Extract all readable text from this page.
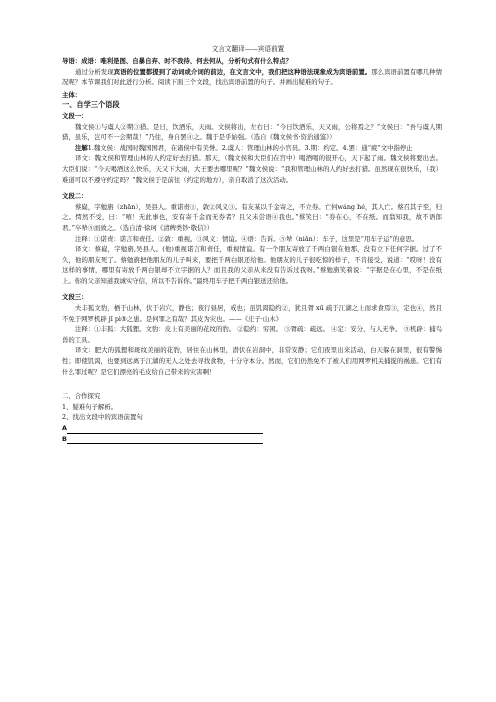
文言文翻译——宾语前置

导语：成语：唯利是图、自暴自弃、时不我待、何去何从，分析句式有什么特点？

通过分析发现宾语的位置都提到了动词或介词的前边，在文言文中，我们把这种语法现象成为宾语前置。那么宾语前置有哪几种情况呢？本节课我们对此进行分析。阅读下面三个文段，找出宾语前置的句子。并画出疑难的句子。

主体：

一、自学三个语段

文段一：

魏文侯①与虞人②期③猎。是日，饮酒乐，天雨。文侯将出，左右曰：“今日饮酒乐，天又雨，公将焉之？”文侯曰：“吾与虞人期猎，虽乐，岂可不一会期哉！”乃往，身自罢④之。魏于是乎始强。（选自《魏文侯书·资治通鉴》）

注解1.魏文侯：战国时魏国国君，在诸侯中有美誉。2.虞人：管理山林的小官员。3.期：约定。4.罢：通“疲”文中指停止

译文：魏文侯和管理山林的人约定好去打猎。那天，（魏文侯和大臣们在宫中）喝酒喝的很开心，天下起了雨。魏文侯将要出去。大臣们说：“今天喝酒这么快乐，天又下大雨，大王要去哪里呢？”魏文侯说：“我和管理山林的人约好去打猎。虽然现在很快乐，（我）难道可以不遵守约定吗？”魏文侯于是前往（约定的地方），亲自取消了这次活动。

文段二：

蔡嶷，字勉旃（zhān），吴县人。重诺责①，敦②风义③。有友某以千金寄之，不立券。亡何wáng hé，其人亡。蔡召其子至，归之。愕然不受，曰：“嘻！无此事也，安有寄千金而无券者？且父未尝语④我也。”蔡笑曰：“券在心，不在纸。而翁知我，故不语郎君。”卒辇⑤而致之。（选自清·徐珂《清稗类钞·敬信》）

注释：①诺责：诺言和责任。②敦：重视。③风义：情谊。④语：告诉。⑤辇（niǎn）：车子，这里是“用车子运”的意思。

译文：蔡嶷，字勉旃,吴县人。(他)重视诺言和责任，重视情谊。有一个朋友寄放了千两白银在他那，没有立下任何字据。过了不久，他的朋友死了。蔡勉旃把他朋友的儿子叫来，要把千两白银还给他。他朋友的儿子很吃惊的样子，不肯接受，说道：“哎呀！没有这样的事情，哪里有寄放千两白银却不立字据的人？而且我的父亲从来没有告诉过我呀。”蔡勉旃笑着说：“字据是在心里，不是在纸上。你的父亲知道我诚实守信，所以不告诉你。”最终用车子把千两白银送还给他。

文段三：

夫丰狐文豹，栖于山林，伏于岩穴，静也；夜行昼居，戒也；虽饥渴隐约②，犹且胥 xū 疏于江湖之上而求食焉③，定也④，然且不免于网罗机辟 jī pì⑤之患。是何罪之有哉？其皮为灾也。——《庄子·山木》

注释：①丰狐：大狐狸。文豹：皮上有美丽的花纹的豹。 ②隐约：穷困。 ③胥疏：疏远。 ④定：安分，与人无争。 ⑤机辟：捕鸟兽的工具。

译文：肥大的狐狸和斑纹美丽的花豹，居住在山林里，潜伏在岩洞中，非常安静；它们夜里出来活动，白天躲在洞里，很有警惕性；即使饥渴，也要到远离于江湖的无人之处去寻找食物，十分守本分。然而，它们仍然免不了被人们用网罗机关捕捉的祸患。它们有什么罪过呢？是它们漂亮的毛皮给自己带来的灾害啊！

二、合作探究

1、疑难句子解析。

2、找出文段中的宾语前置句

A

B
